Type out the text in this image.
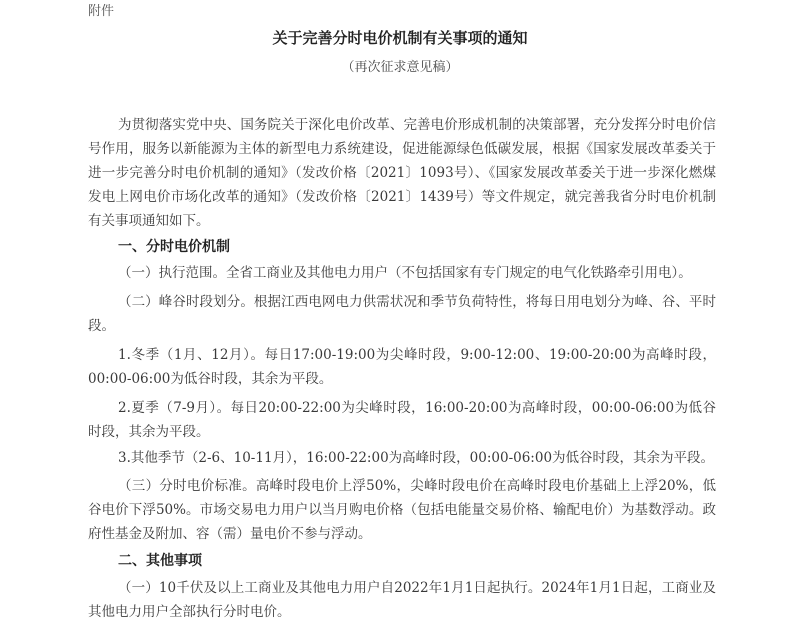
附件
关于完善分时电价机制有关事项的通知
（再次征求意见稿）
为贯彻落实党中央、国务院关于深化电价改革、完善电价形成机制的决策部署，充分发挥分时电价信号作用，服务以新能源为主体的新型电力系统建设，促进能源绿色低碳发展，根据《国家发展改革委关于进一步完善分时电价机制的通知》（发改价格〔2021〕1093号）、《国家发展改革委关于进一步深化燃煤发电上网电价市场化改革的通知》（发改价格〔2021〕1439号）等文件规定，就完善我省分时电价机制有关事项通知如下。
一、分时电价机制
（一）执行范围。全省工商业及其他电力用户（不包括国家有专门规定的电气化铁路牵引用电）。
（二）峰谷时段划分。根据江西电网电力供需状况和季节负荷特性，将每日用电划分为峰、谷、平时段。
1.冬季（1月、12月）。每日17:00-19:00为尖峰时段，9:00-12:00、19:00-20:00为高峰时段，00:00-06:00为低谷时段，其余为平段。
2.夏季（7-9月）。每日20:00-22:00为尖峰时段，16:00-20:00为高峰时段，00:00-06:00为低谷时段，其余为平段。
3.其他季节（2-6、10-11月），16:00-22:00为高峰时段，00:00-06:00为低谷时段，其余为平段。
（三）分时电价标准。高峰时段电价上浮50%，尖峰时段电价在高峰时段电价基础上上浮20%，低谷电价下浮50%。市场交易电力用户以当月购电价格（包括电能量交易价格、输配电价）为基数浮动。政府性基金及附加、容（需）量电价不参与浮动。
二、其他事项
（一）10千伏及以上工商业及其他电力用户自2022年1月1日起执行。2024年1月1日起，工商业及其他电力用户全部执行分时电价。
